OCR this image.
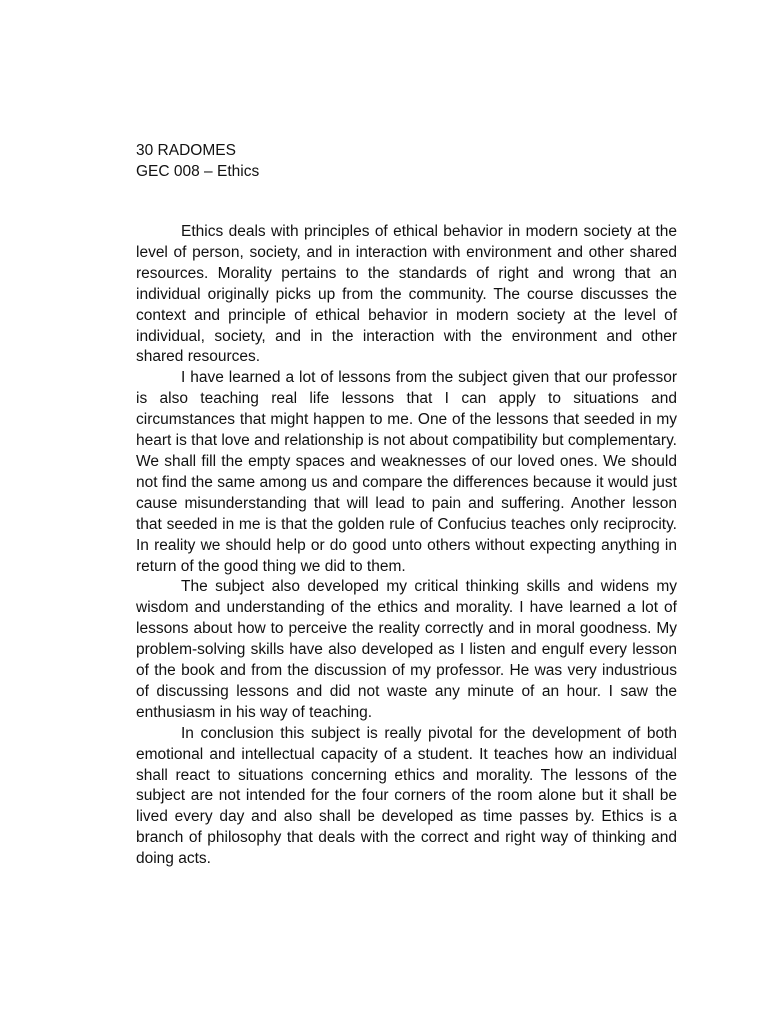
30 RADOMES
GEC 008 – Ethics

Ethics deals with principles of ethical behavior in modern society at the level of person, society, and in interaction with environment and other shared resources. Morality pertains to the standards of right and wrong that an individual originally picks up from the community. The course discusses the context and principle of ethical behavior in modern society at the level of individual, society, and in the interaction with the environment and other shared resources.

I have learned a lot of lessons from the subject given that our professor is also teaching real life lessons that I can apply to situations and circumstances that might happen to me. One of the lessons that seeded in my heart is that love and relationship is not about compatibility but complementary. We shall fill the empty spaces and weaknesses of our loved ones. We should not find the same among us and compare the differences because it would just cause misunderstanding that will lead to pain and suffering. Another lesson that seeded in me is that the golden rule of Confucius teaches only reciprocity. In reality we should help or do good unto others without expecting anything in return of the good thing we did to them.

The subject also developed my critical thinking skills and widens my wisdom and understanding of the ethics and morality. I have learned a lot of lessons about how to perceive the reality correctly and in moral goodness. My problem-solving skills have also developed as I listen and engulf every lesson of the book and from the discussion of my professor. He was very industrious of discussing lessons and did not waste any minute of an hour. I saw the enthusiasm in his way of teaching.

In conclusion this subject is really pivotal for the development of both emotional and intellectual capacity of a student. It teaches how an individual shall react to situations concerning ethics and morality. The lessons of the subject are not intended for the four corners of the room alone but it shall be lived every day and also shall be developed as time passes by. Ethics is a branch of philosophy that deals with the correct and right way of thinking and doing acts.
